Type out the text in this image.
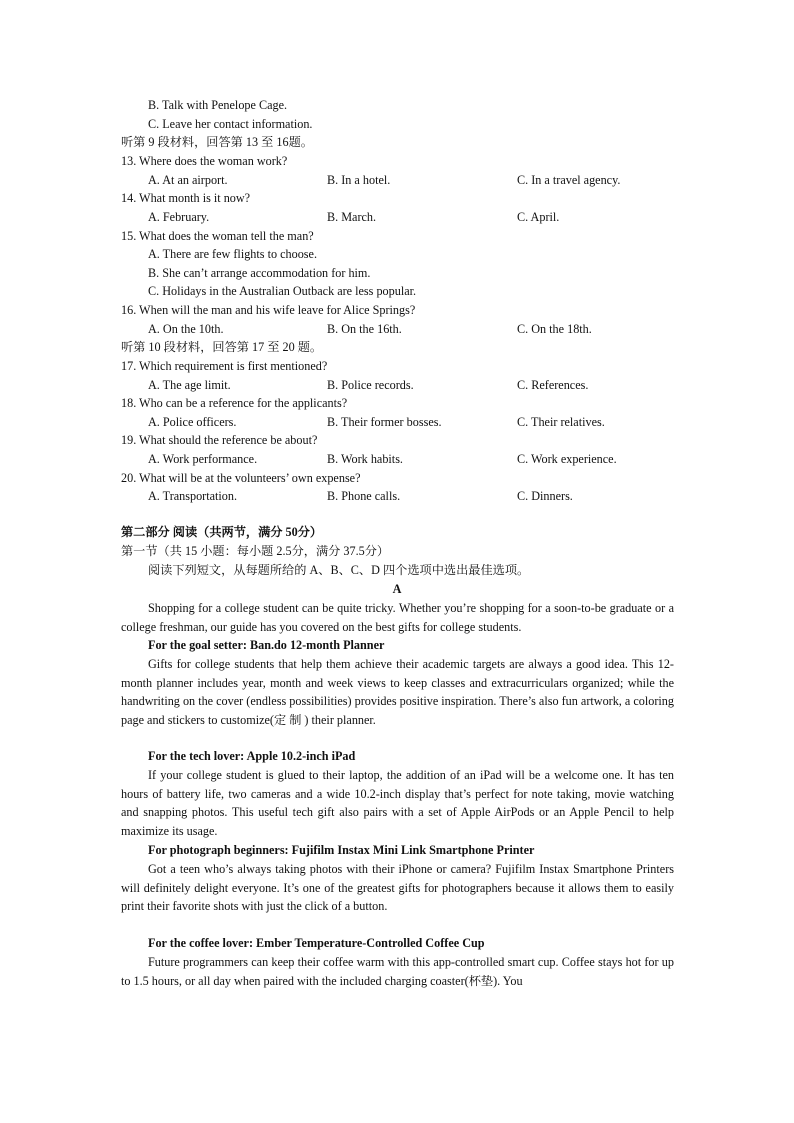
B. Talk with Penelope Cage.
C. Leave her contact information.
听第 9 段材料，回答第 13 至 16题。
13. Where does the woman work?
A. At an airport.	B. In a hotel.	C. In a travel agency.
14. What month is it now?
A. February.	B. March.	C. April.
15. What does the woman tell the man?
A. There are few flights to choose.
B. She can’t arrange accommodation for him.
C. Holidays in the Australian Outback are less popular.
16. When will the man and his wife leave for Alice Springs?
A. On the 10th.	B. On the 16th.	C. On the 18th.
听第 10 段材料，回答第 17 至 20 题。
17. Which requirement is first mentioned?
A. The age limit.	B. Police records.	C. References.
18. Who can be a reference for the applicants?
A. Police officers.	B. Their former bosses.	C. Their relatives.
19. What should the reference be about?
A. Work performance.	B. Work habits.	C. Work experience.
20. What will be at the volunteers’ own expense?
A. Transportation.	B. Phone calls.	C. Dinners.
第二部分 阅读（共两节，满分 50分）
第一节（共 15 小题：每小题 2.5分，满分 37.5分）
阅读下列短文，从每题所给的 A、B、C、D 四个选项中选出最佳选项。
A
Shopping for a college student can be quite tricky. Whether you’re shopping for a soon-to-be graduate or a college freshman, our guide has you covered on the best gifts for college students.
For the goal setter: Ban.do 12-month Planner
Gifts for college students that help them achieve their academic targets are always a good idea. This 12-month planner includes year, month and week views to keep classes and extracurriculars organized; while the handwriting on the cover (endless possibilities) provides positive inspiration. There’s also fun artwork, a coloring page and stickers to customize(定 制 ) their planner.
For the tech lover: Apple 10.2-inch iPad
If your college student is glued to their laptop, the addition of an iPad will be a welcome one. It has ten hours of battery life, two cameras and a wide 10.2-inch display that’s perfect for note taking, movie watching and snapping photos. This useful tech gift also pairs with a set of Apple AirPods or an Apple Pencil to help maximize its usage.
For photograph beginners: Fujifilm Instax Mini Link Smartphone Printer
Got a teen who’s always taking photos with their iPhone or camera? Fujifilm Instax Smartphone Printers will definitely delight everyone. It’s one of the greatest gifts for photographers because it allows them to easily print their favorite shots with just the click of a button.
For the coffee lover: Ember Temperature-Controlled Coffee Cup
Future programmers can keep their coffee warm with this app-controlled smart cup. Coffee stays hot for up to 1.5 hours, or all day when paired with the included charging coaster(杯垫). You
